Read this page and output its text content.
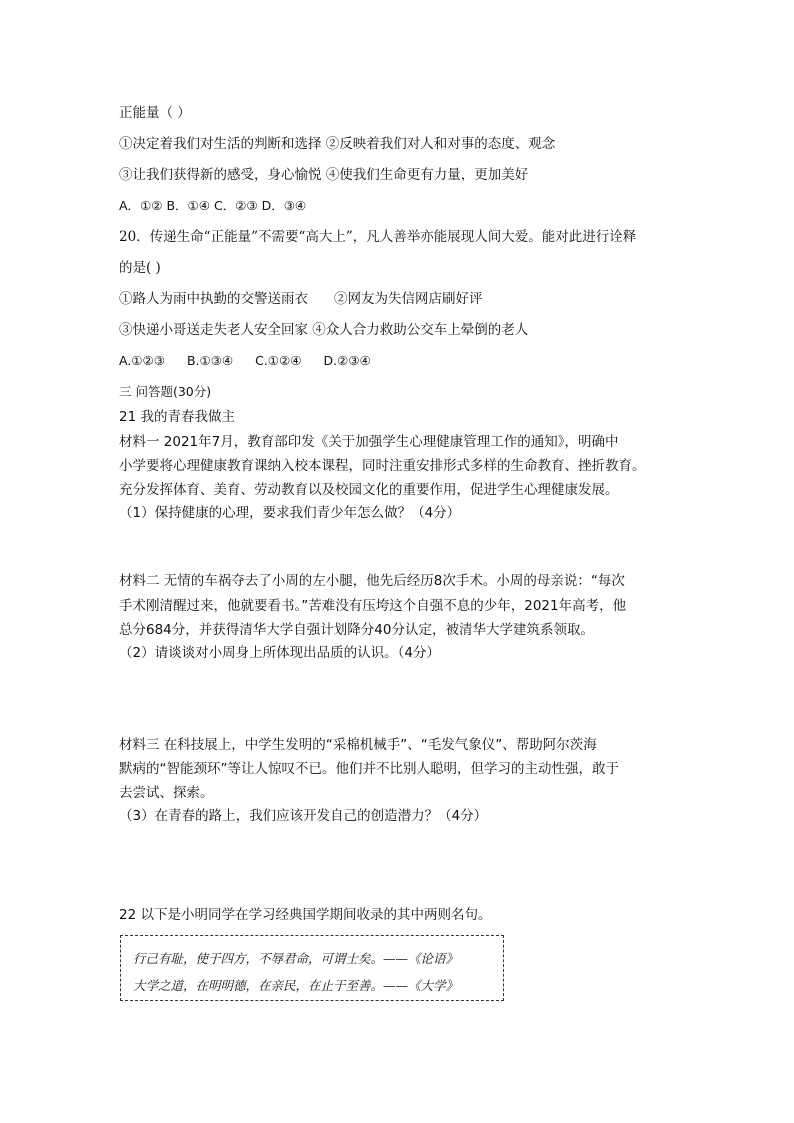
正能量（ ）
①决定着我们对生活的判断和选择 ②反映着我们对人和对事的态度、观念
③让我们获得新的感受，身心愉悦 ④使我们生命更有力量，更加美好
A．①② B．①④ C．②③ D．③④
20．传递生命“正能量”不需要“高大上”，凡人善举亦能展现人间大爱。能对此进行诠释
的是( )
①路人为雨中执勤的交警送雨衣 ②网友为失信网店刷好评
③快递小哥送走失老人安全回家 ④众人合力救助公交车上晕倒的老人
A.①②③ B.①③④ C.①②④ D.②③④
三 问答题(30分)
21 我的青春我做主
材料一 2021年7月，教育部印发《关于加强学生心理健康管理工作的通知》，明确中
小学要将心理健康教育课纳入校本课程，同时注重安排形式多样的生命教育、挫折教育。
充分发挥体育、美育、劳动教育以及校园文化的重要作用，促进学生心理健康发展。
（1）保持健康的心理，要求我们青少年怎么做？（4分）
材料二 无情的车祸夺去了小周的左小腿，他先后经历8次手术。小周的母亲说：“每次
手术刚清醒过来，他就要看书。”苦难没有压垮这个自强不息的少年，2021年高考，他
总分684分，并获得清华大学自强计划降分40分认定，被清华大学建筑系领取。
（2）请谈谈对小周身上所体现出品质的认识。（4分）
材料三 在科技展上，中学生发明的“采棉机械手”、“毛发气象仪”、帮助阿尔茨海
默病的“智能颈环”等让人惊叹不已。他们并不比别人聪明，但学习的主动性强，敢于
去尝试、探索。
（3）在青春的路上，我们应该开发自己的创造潜力？（4分）
22 以下是小明同学在学习经典国学期间收录的其中两则名句。
行己有耻，使于四方，不辱君命，可谓士矣。——《论语》
大学之道，在明明德，在亲民，在止于至善。——《大学》
